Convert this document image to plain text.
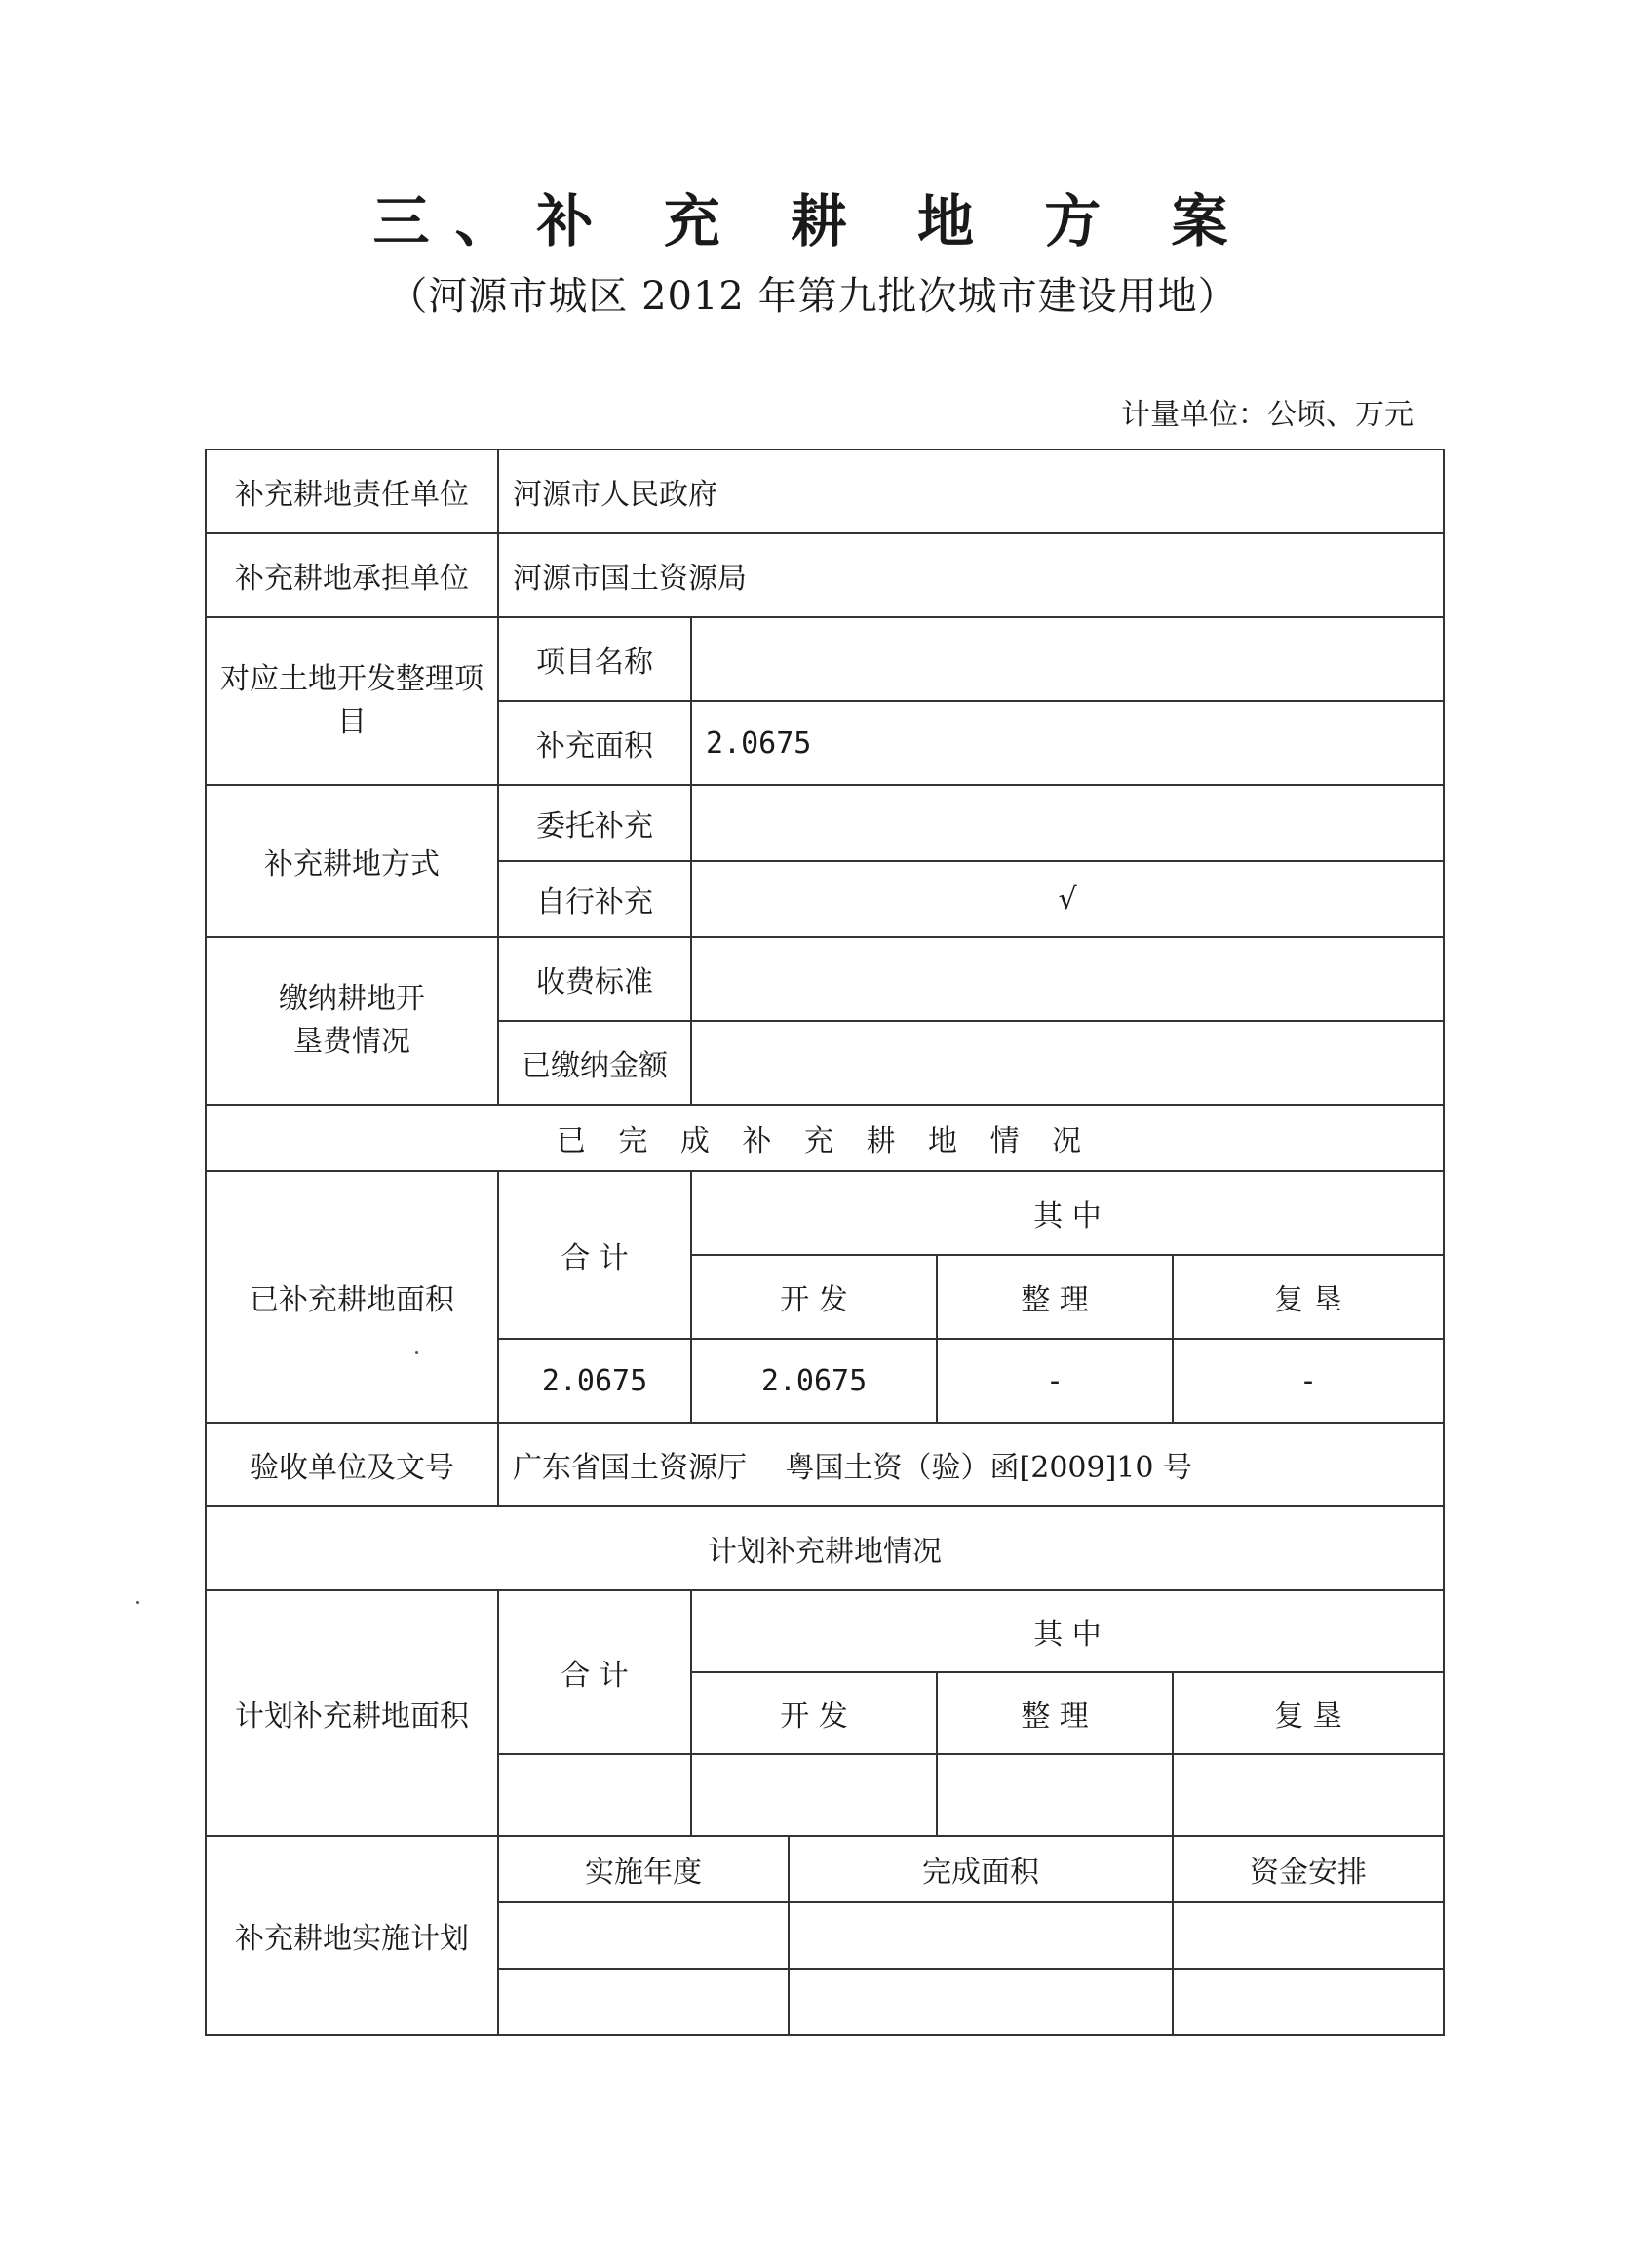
三、补 充 耕 地 方 案
（河源市城区 2012 年第九批次城市建设用地）
计量单位：公顷、万元
补充耕地责任单位	河源市人民政府				
补充耕地承担单位	河源市国土资源局				
对应土地开发整理项目	项目名称				
	补充面积	2.0675			
补充耕地方式	委托补充				
	自行补充	√			
缴纳耕地开垦费情况	收费标准				
	已缴纳金额				
已 完 成 补 充 耕 地 情 况					
已补充耕地面积	合 计	其 中			
		开 发		整 理	复 垦
	2.0675	2.0675		-	-
验收单位及文号	广东省国土资源厅　 粤国土资（验）函[2009]10 号				
计划补充耕地情况					
计划补充耕地面积	合 计	其 中			
		开 发		整 理	复 垦

补充耕地实施计划	实施年度		完成面积		资金安排
